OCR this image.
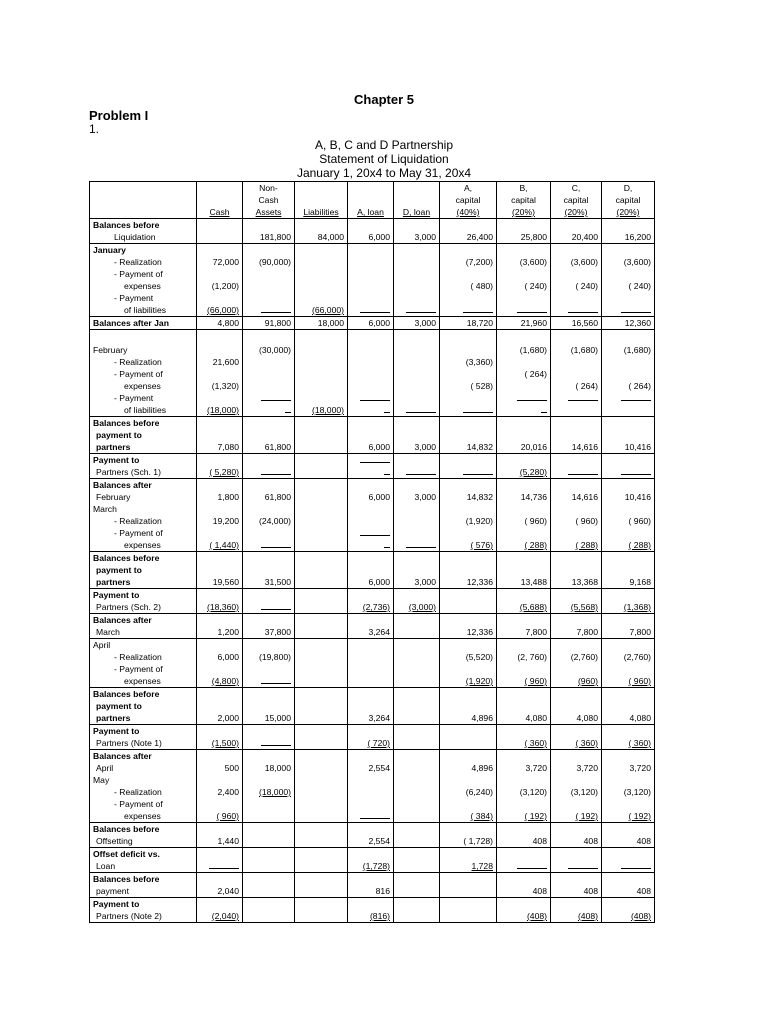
Chapter 5
Problem I
1.
A, B, C and D Partnership
Statement of Liquidation
January 1, 20x4 to May 31, 20x4
		Non-				A,	B,	C,	D,
		Cash				capital	capital	capital	capital
	Cash	Assets	Liabilities	A, loan	D, loan	(40%)	(20%)	(20%)	(20%)
Balances before									
Liquidation		181,800	84,000	6,000	3,000	26,400	25,800	20,400	16,200
January									
- Realization	72,000	(90,000)				(7,200)	(3,600)	(3,600)	(3,600)
- Payment of									
expenses	(1,200)					( 480)	( 240)	( 240)	( 240)
- Payment									
of liabilities	(66,000)		(66,000)						
Balances after Jan	4,800	91,800	18,000	6,000	3,000	18,720	21,960	16,560	12,360

February		(30,000)					(1,680)	(1,680)	(1,680)
- Realization	21,600					(3,360)			
- Payment of							( 264)		
expenses	(1,320)					( 528)		( 264)	( 264)
- Payment									
of liabilities	(18,000)		(18,000)						
Balances before									
payment to									
partners	7,080	61,800		6,000	3,000	14,832	20,016	14,616	10,416
Payment to									
Partners (Sch. 1)	( 5,280)						(5,280)		
Balances after									
February	1,800	61,800		6,000	3,000	14,832	14,736	14,616	10,416
March									
- Realization	19,200	(24,000)				(1,920)	( 960)	( 960)	( 960)
- Payment of									
expenses	( 1,440)					( 576)	( 288)	( 288)	( 288)
Balances before									
payment to									
partners	19,560	31,500		6,000	3,000	12,336	13,488	13,368	9,168
Payment to									
Partners (Sch. 2)	(18,360)			(2,736)	(3,000)		(5,688)	(5,568)	(1,368)
Balances after									
March	1,200	37,800		3,264		12,336	7,800	7,800	7,800
April									
- Realization	6,000	(19,800)				(5,520)	(2, 760)	(2,760)	(2,760)
- Payment of									
expenses	(4,800)					(1,920)	( 960)	(960)	( 960)
Balances before									
payment to									
partners	2,000	15,000		3,264		4,896	4,080	4,080	4,080
Payment to									
Partners (Note 1)	(1,500)			( 720)			( 360)	( 360)	( 360)
Balances after									
April	500	18,000		2,554		4,896	3,720	3,720	3,720
May									
- Realization	2,400	(18,000)				(6,240)	(3,120)	(3,120)	(3,120)
- Payment of									
expenses	( 960)					( 384)	( 192)	( 192)	( 192)
Balances before									
Offsetting	1,440			2,554		( 1,728)	408	408	408
Offset deficit vs.									
Loan				(1,728)		1,728			
Balances before									
payment	2,040			816			408	408	408
Payment to									
Partners (Note 2)	(2,040)			(816)			(408)	(408)	(408)
